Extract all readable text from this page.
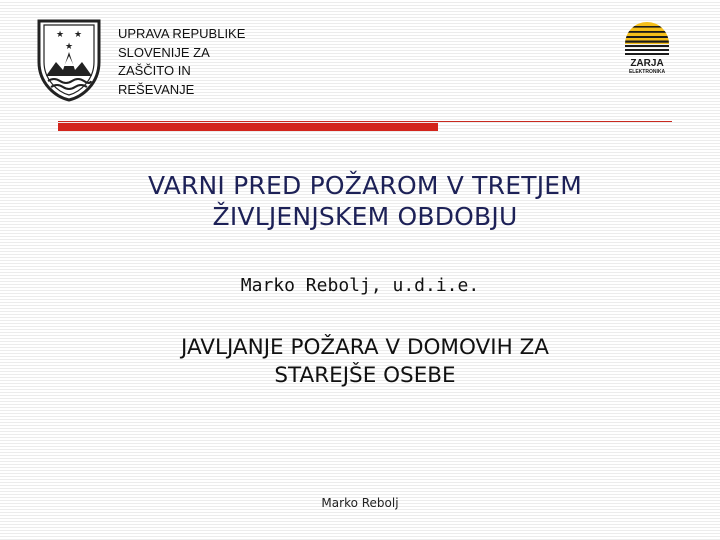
★ ★
★
UPRAVA REPUBLIKE
SLOVENIJE ZA
ZAŠČITO IN
REŠEVANJE
ZARJA
ELEKTRONIKA
VARNI PRED POŽAROM V TRETJEM
ŽIVLJENJSKEM OBDOBJU
Marko Rebolj, u.d.i.e.
JAVLJANJE POŽARA V DOMOVIH ZA
STAREJŠE OSEBE
Marko Rebolj
